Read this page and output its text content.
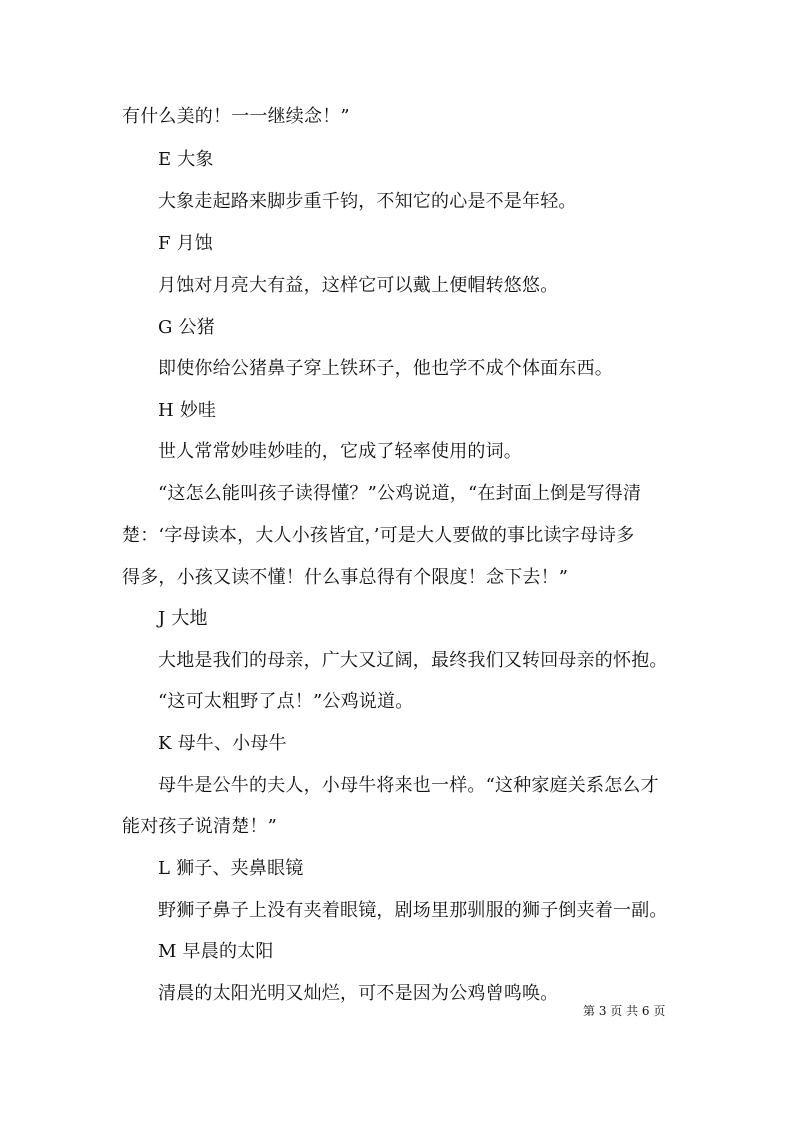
有什么美的！一一继续念！”
E 大象
大象走起路来脚步重千钧，不知它的心是不是年轻。
F 月蚀
月蚀对月亮大有益，这样它可以戴上便帽转悠悠。
G 公猪
即使你给公猪鼻子穿上铁环子，他也学不成个体面东西。
H 妙哇
世人常常妙哇妙哇的，它成了轻率使用的词。
“这怎么能叫孩子读得懂？”公鸡说道，“在封面上倒是写得清
楚：‘字母读本，大人小孩皆宜，’可是大人要做的事比读字母诗多
得多，小孩又读不懂！什么事总得有个限度！念下去！”
J 大地
大地是我们的母亲，广大又辽阔，最终我们又转回母亲的怀抱。
“这可太粗野了点！”公鸡说道。
K 母牛、小母牛
母牛是公牛的夫人，小母牛将来也一样。“这种家庭关系怎么才
能对孩子说清楚！”
L 狮子、夹鼻眼镜
野狮子鼻子上没有夹着眼镜，剧场里那驯服的狮子倒夹着一副。
M 早晨的太阳
清晨的太阳光明又灿烂，可不是因为公鸡曾鸣唤。
第 3 页 共 6 页
